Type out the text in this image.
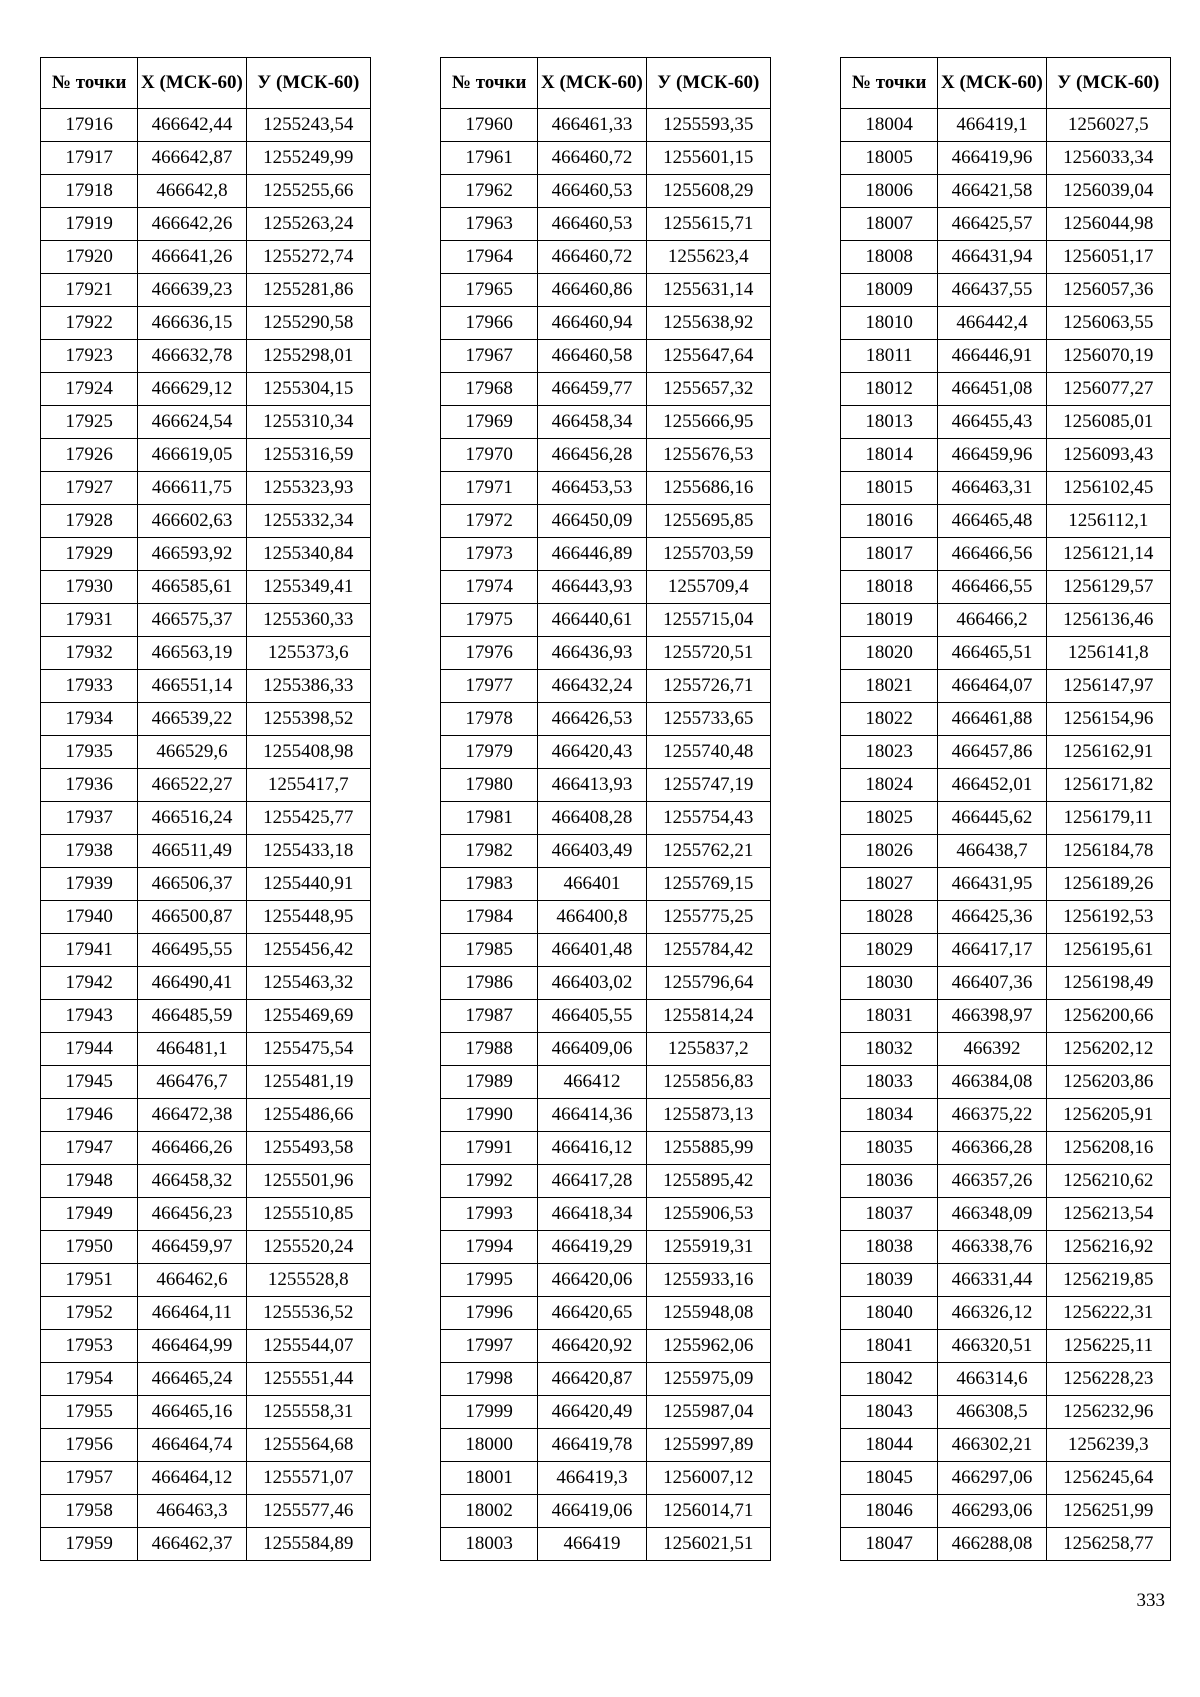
№ точки	X (МСК-60)	У (МСК-60)
17916	466642,44	1255243,54
17917	466642,87	1255249,99
17918	466642,8	1255255,66
17919	466642,26	1255263,24
17920	466641,26	1255272,74
17921	466639,23	1255281,86
17922	466636,15	1255290,58
17923	466632,78	1255298,01
17924	466629,12	1255304,15
17925	466624,54	1255310,34
17926	466619,05	1255316,59
17927	466611,75	1255323,93
17928	466602,63	1255332,34
17929	466593,92	1255340,84
17930	466585,61	1255349,41
17931	466575,37	1255360,33
17932	466563,19	1255373,6
17933	466551,14	1255386,33
17934	466539,22	1255398,52
17935	466529,6	1255408,98
17936	466522,27	1255417,7
17937	466516,24	1255425,77
17938	466511,49	1255433,18
17939	466506,37	1255440,91
17940	466500,87	1255448,95
17941	466495,55	1255456,42
17942	466490,41	1255463,32
17943	466485,59	1255469,69
17944	466481,1	1255475,54
17945	466476,7	1255481,19
17946	466472,38	1255486,66
17947	466466,26	1255493,58
17948	466458,32	1255501,96
17949	466456,23	1255510,85
17950	466459,97	1255520,24
17951	466462,6	1255528,8
17952	466464,11	1255536,52
17953	466464,99	1255544,07
17954	466465,24	1255551,44
17955	466465,16	1255558,31
17956	466464,74	1255564,68
17957	466464,12	1255571,07
17958	466463,3	1255577,46
17959	466462,37	1255584,89
№ точки	X (МСК-60)	У (МСК-60)
17960	466461,33	1255593,35
17961	466460,72	1255601,15
17962	466460,53	1255608,29
17963	466460,53	1255615,71
17964	466460,72	1255623,4
17965	466460,86	1255631,14
17966	466460,94	1255638,92
17967	466460,58	1255647,64
17968	466459,77	1255657,32
17969	466458,34	1255666,95
17970	466456,28	1255676,53
17971	466453,53	1255686,16
17972	466450,09	1255695,85
17973	466446,89	1255703,59
17974	466443,93	1255709,4
17975	466440,61	1255715,04
17976	466436,93	1255720,51
17977	466432,24	1255726,71
17978	466426,53	1255733,65
17979	466420,43	1255740,48
17980	466413,93	1255747,19
17981	466408,28	1255754,43
17982	466403,49	1255762,21
17983	466401	1255769,15
17984	466400,8	1255775,25
17985	466401,48	1255784,42
17986	466403,02	1255796,64
17987	466405,55	1255814,24
17988	466409,06	1255837,2
17989	466412	1255856,83
17990	466414,36	1255873,13
17991	466416,12	1255885,99
17992	466417,28	1255895,42
17993	466418,34	1255906,53
17994	466419,29	1255919,31
17995	466420,06	1255933,16
17996	466420,65	1255948,08
17997	466420,92	1255962,06
17998	466420,87	1255975,09
17999	466420,49	1255987,04
18000	466419,78	1255997,89
18001	466419,3	1256007,12
18002	466419,06	1256014,71
18003	466419	1256021,51
№ точки	X (МСК-60)	У (МСК-60)
18004	466419,1	1256027,5
18005	466419,96	1256033,34
18006	466421,58	1256039,04
18007	466425,57	1256044,98
18008	466431,94	1256051,17
18009	466437,55	1256057,36
18010	466442,4	1256063,55
18011	466446,91	1256070,19
18012	466451,08	1256077,27
18013	466455,43	1256085,01
18014	466459,96	1256093,43
18015	466463,31	1256102,45
18016	466465,48	1256112,1
18017	466466,56	1256121,14
18018	466466,55	1256129,57
18019	466466,2	1256136,46
18020	466465,51	1256141,8
18021	466464,07	1256147,97
18022	466461,88	1256154,96
18023	466457,86	1256162,91
18024	466452,01	1256171,82
18025	466445,62	1256179,11
18026	466438,7	1256184,78
18027	466431,95	1256189,26
18028	466425,36	1256192,53
18029	466417,17	1256195,61
18030	466407,36	1256198,49
18031	466398,97	1256200,66
18032	466392	1256202,12
18033	466384,08	1256203,86
18034	466375,22	1256205,91
18035	466366,28	1256208,16
18036	466357,26	1256210,62
18037	466348,09	1256213,54
18038	466338,76	1256216,92
18039	466331,44	1256219,85
18040	466326,12	1256222,31
18041	466320,51	1256225,11
18042	466314,6	1256228,23
18043	466308,5	1256232,96
18044	466302,21	1256239,3
18045	466297,06	1256245,64
18046	466293,06	1256251,99
18047	466288,08	1256258,77
333
